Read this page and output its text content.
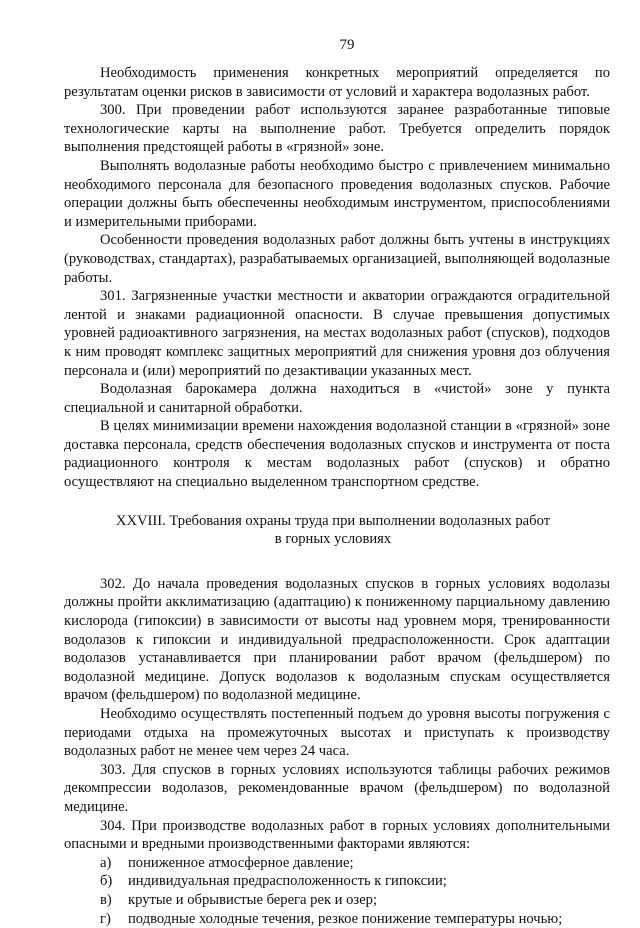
79

Необходимость применения конкретных мероприятий определяется по результатам оценки рисков в зависимости от условий и характера водолазных работ.

300. При проведении работ используются заранее разработанные типовые технологические карты на выполнение работ. Требуется определить порядок выполнения предстоящей работы в «грязной» зоне.

Выполнять водолазные работы необходимо быстро с привлечением минимально необходимого персонала для безопасного проведения водолазных спусков. Рабочие операции должны быть обеспеченны необходимым инструментом, приспособлениями и измерительными приборами.

Особенности проведения водолазных работ должны быть учтены в инструкциях (руководствах, стандартах), разрабатываемых организацией, выполняющей водолазные работы.

301. Загрязненные участки местности и акватории ограждаются оградительной лентой и знаками радиационной опасности. В случае превышения допустимых уровней радиоактивного загрязнения, на местах водолазных работ (спусков), подходов к ним проводят комплекс защитных мероприятий для снижения уровня доз облучения персонала и (или) мероприятий по дезактивации указанных мест.

Водолазная барокамера должна находиться в «чистой» зоне у пункта специальной и санитарной обработки.

В целях минимизации времени нахождения водолазной станции в «грязной» зоне доставка персонала, средств обеспечения водолазных спусков и инструмента от поста радиационного контроля к местам водолазных работ (спусков) и обратно осуществляют на специально выделенном транспортном средстве.

XXVIII. Требования охраны труда при выполнении водолазных работ
в горных условиях

302. До начала проведения водолазных спусков в горных условиях водолазы должны пройти акклиматизацию (адаптацию) к пониженному парциальному давлению кислорода (гипоксии) в зависимости от высоты над уровнем моря, тренированности водолазов к гипоксии и индивидуальной предрасположенности. Срок адаптации водолазов устанавливается при планировании работ врачом (фельдшером) по водолазной медицине. Допуск водолазов к водолазным спускам осуществляется врачом (фельдшером) по водолазной медицине.

Необходимо осуществлять постепенный подъем до уровня высоты погружения с периодами отдыха на промежуточных высотах и приступать к производству водолазных работ не менее чем через 24 часа.

303. Для спусков в горных условиях используются таблицы рабочих режимов декомпрессии водолазов, рекомендованные врачом (фельдшером) по водолазной медицине.

304. При производстве водолазных работ в горных условиях дополнительными опасными и вредными производственными факторами являются:

а)	пониженное атмосферное давление;
б)	индивидуальная предрасположенность к гипоксии;
в)	крутые и обрывистые берега рек и озер;
г)	подводные холодные течения, резкое понижение температуры ночью;
